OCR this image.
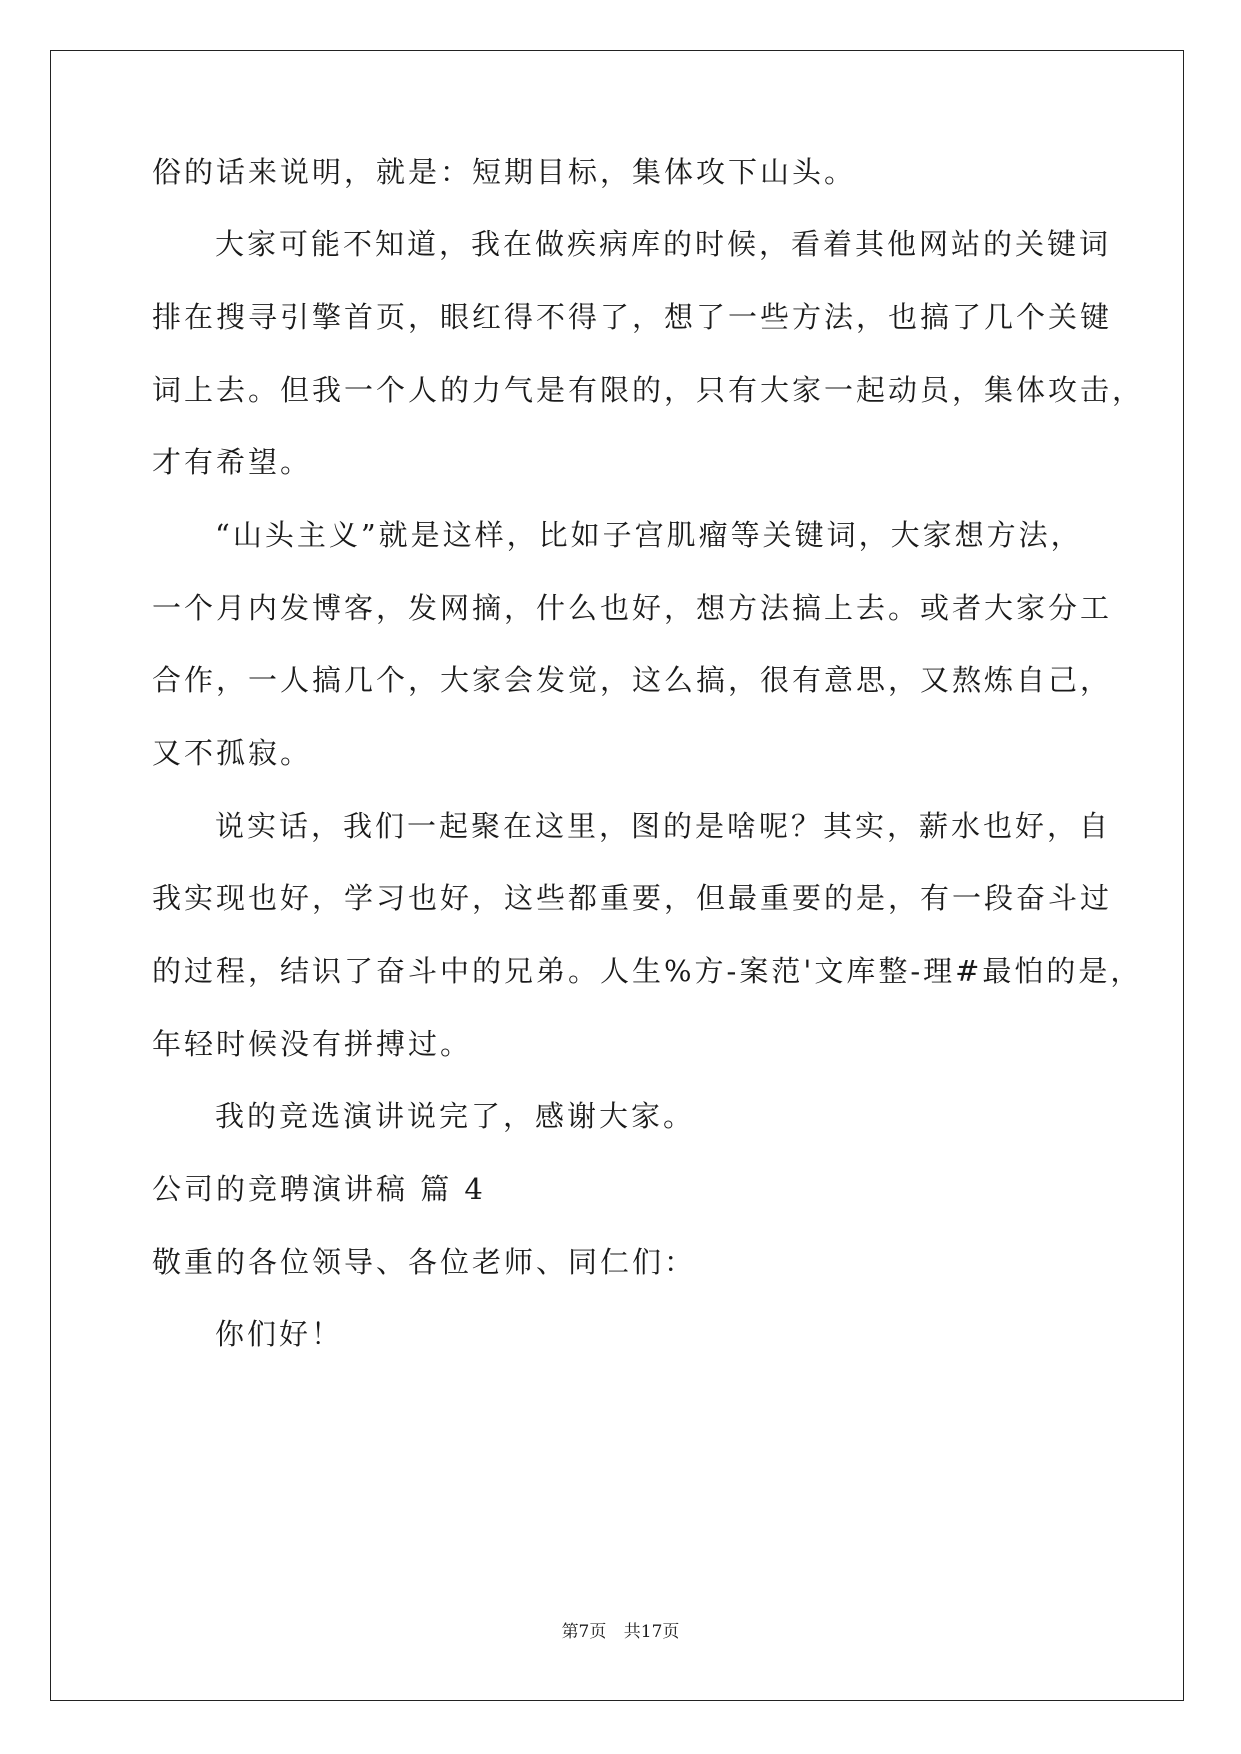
俗的话来说明，就是：短期目标，集体攻下山头。
大家可能不知道，我在做疾病库的时候，看着其他网站的关键词
排在搜寻引擎首页，眼红得不得了，想了一些方法，也搞了几个关键
词上去。但我一个人的力气是有限的，只有大家一起动员，集体攻击，
才有希望。
“山头主义”就是这样，比如子宫肌瘤等关键词，大家想方法，
一个月内发博客，发网摘，什么也好，想方法搞上去。或者大家分工
合作，一人搞几个，大家会发觉，这么搞，很有意思，又熬炼自己，
又不孤寂。
说实话，我们一起聚在这里，图的是啥呢？其实，薪水也好，自
我实现也好，学习也好，这些都重要，但最重要的是，有一段奋斗过
的过程，结识了奋斗中的兄弟。人生%方-案范'文库整-理#最怕的是，
年轻时候没有拼搏过。
我的竞选演讲说完了，感谢大家。
公司的竞聘演讲稿 篇 4
敬重的各位领导、各位老师、同仁们：
你们好！
第7页 共17页
